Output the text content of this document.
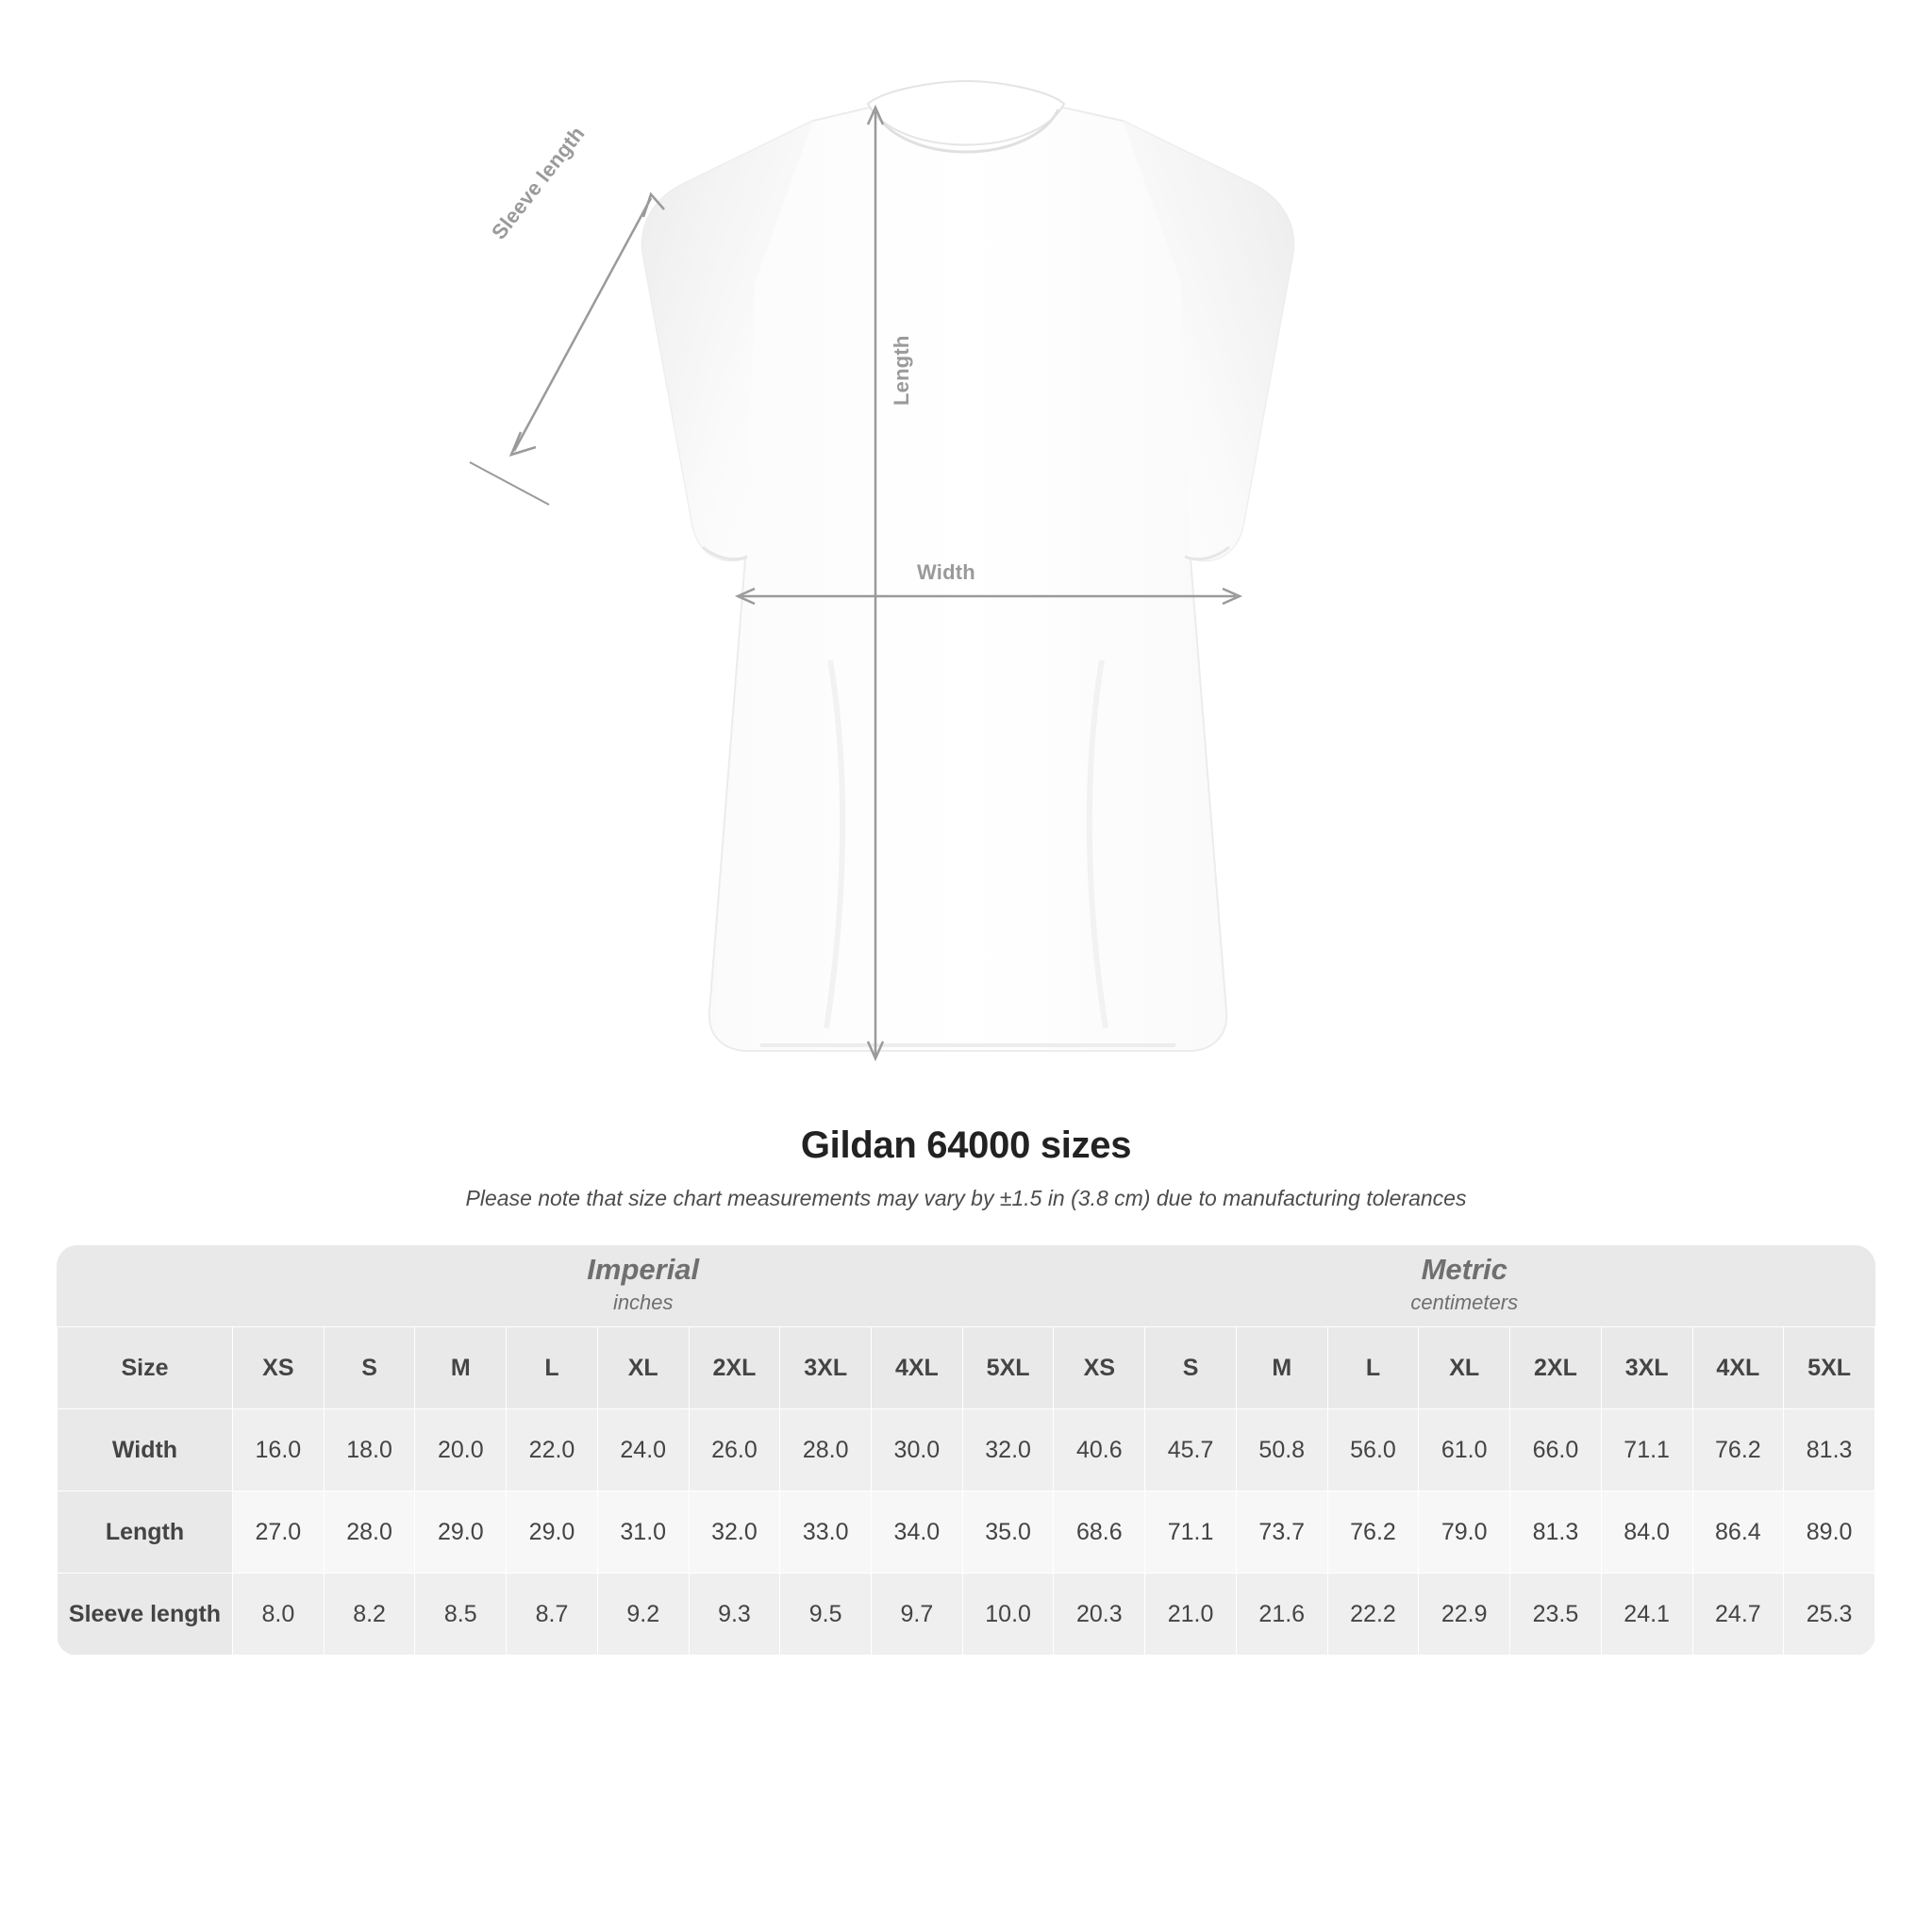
Length
Width
Sleeve length
Gildan 64000 sizes
Please note that size chart measurements may vary by ±1.5 in (3.8 cm) due to manufacturing tolerances

	Imperial
inches									Metric
centimeters								

Size	XS	S	M	L	XL	2XL	3XL	4XL	5XL	XS	S	M	L	XL	2XL	3XL	4XL	5XL
Width	16.0	18.0	20.0	22.0	24.0	26.0	28.0	30.0	32.0	40.6	45.7	50.8	56.0	61.0	66.0	71.1	76.2	81.3
Length	27.0	28.0	29.0	29.0	31.0	32.0	33.0	34.0	35.0	68.6	71.1	73.7	76.2	79.0	81.3	84.0	86.4	89.0
Sleeve length	8.0	8.2	8.5	8.7	9.2	9.3	9.5	9.7	10.0	20.3	21.0	21.6	22.2	22.9	23.5	24.1	24.7	25.3
